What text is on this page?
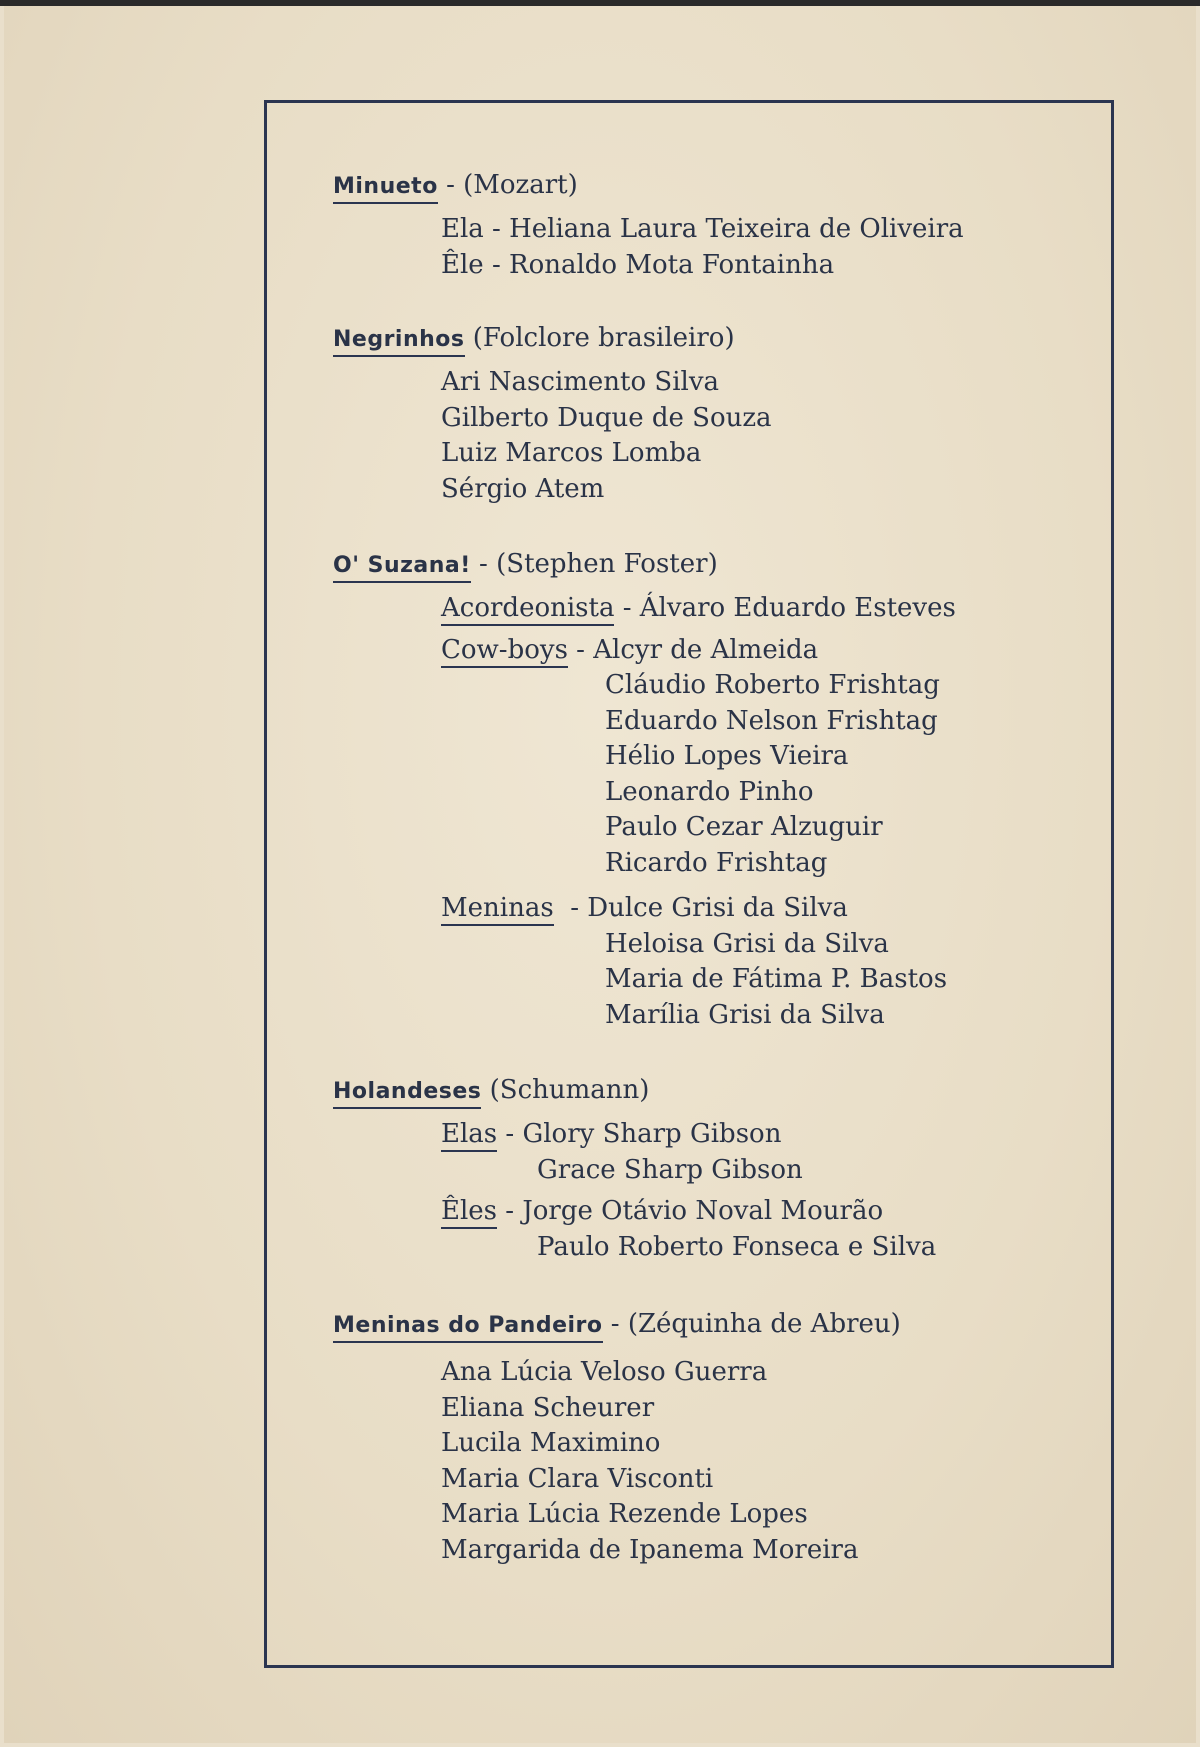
Minueto - (Mozart)
Ela - Heliana Laura Teixeira de Oliveira
Êle - Ronaldo Mota Fontainha
Negrinhos (Folclore brasileiro)
Ari Nascimento Silva
Gilberto Duque de Souza
Luiz Marcos Lomba
Sérgio Atem
O' Suzana! - (Stephen Foster)
Acordeonista - Álvaro Eduardo Esteves
Cow-boys - Alcyr de Almeida
Cláudio Roberto Frishtag
Eduardo Nelson Frishtag
Hélio Lopes Vieira
Leonardo Pinho
Paulo Cezar Alzuguir
Ricardo Frishtag
Meninas  - Dulce Grisi da Silva
Heloisa Grisi da Silva
Maria de Fátima P. Bastos
Marília Grisi da Silva
Holandeses (Schumann)
Elas - Glory Sharp Gibson
Grace Sharp Gibson
Êles - Jorge Otávio Noval Mourão
Paulo Roberto Fonseca e Silva
Meninas do Pandeiro - (Zéquinha de Abreu)
Ana Lúcia Veloso Guerra
Eliana Scheurer
Lucila Maximino
Maria Clara Visconti
Maria Lúcia Rezende Lopes
Margarida de Ipanema Moreira
